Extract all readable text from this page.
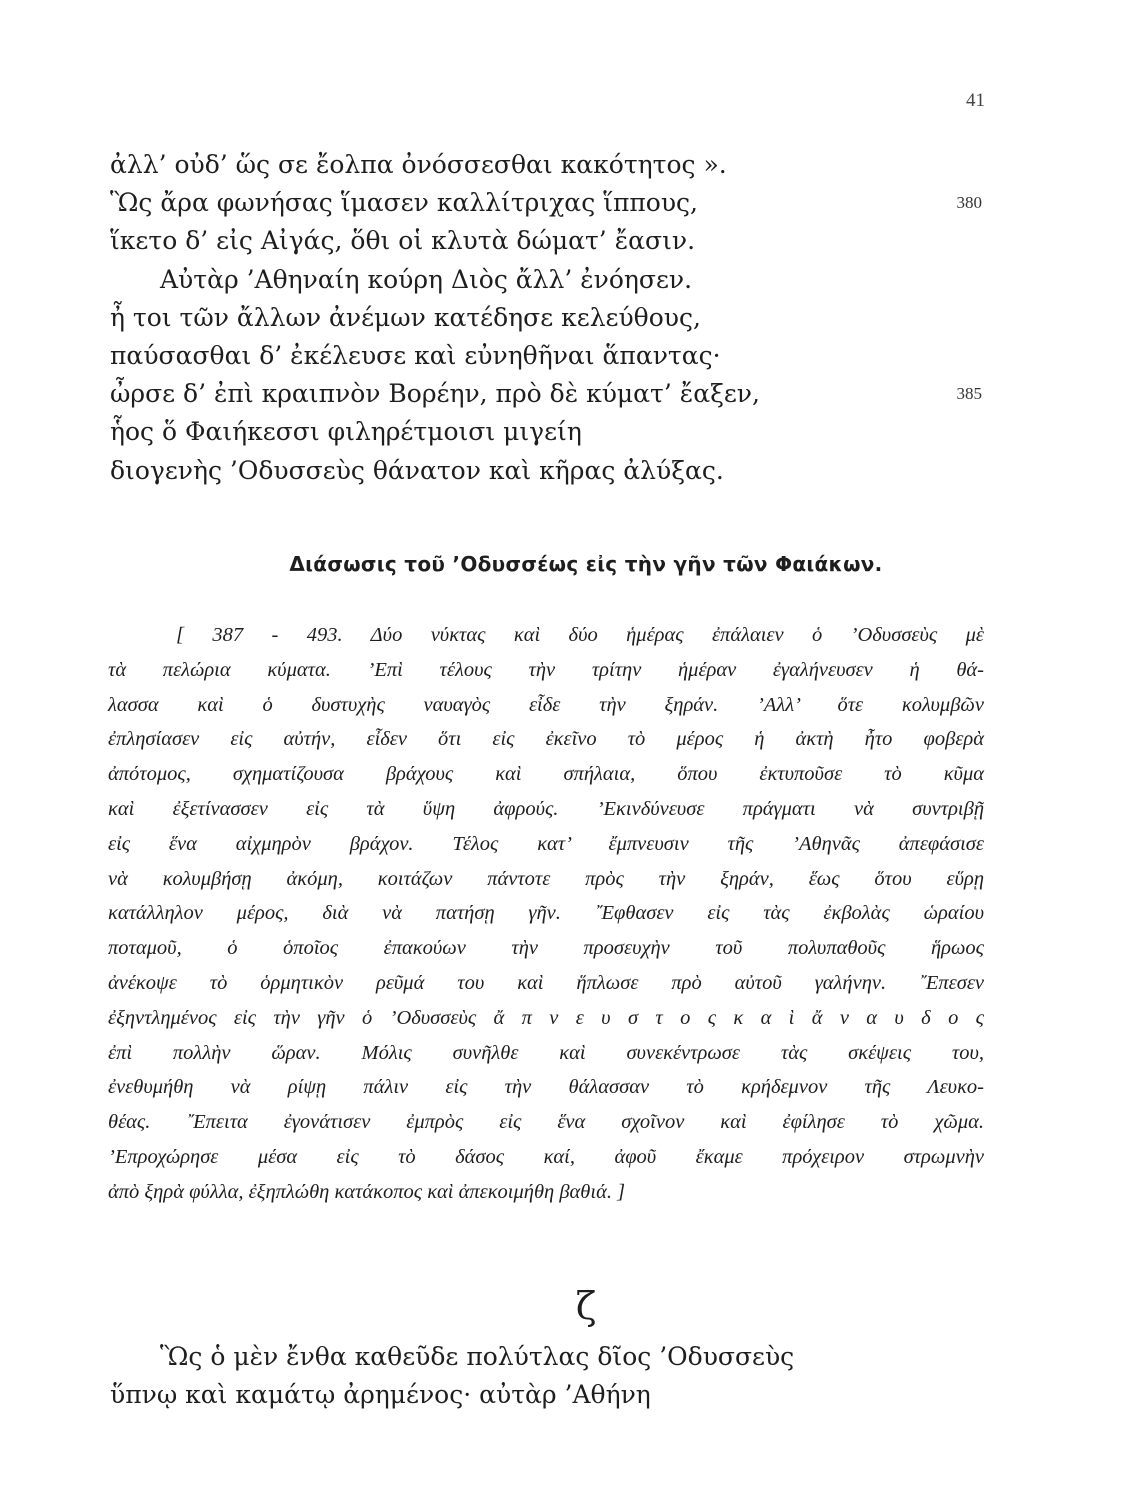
41
ἀλλ’ οὐδ’ ὥς σε ἔολπα ὀνόσσεσθαι κακότητος ».
Ὣς ἄρα φωνήσας ἵμασεν καλλίτριχας ἵππους,	380
ἵκετο δ’ εἰς Αἰγάς, ὅθι οἱ κλυτὰ δώματ’ ἔασιν.
Αὐτὰρ ’Αθηναίη κούρη Διὸς ἄλλ’ ἐνόησεν.
ἦ τοι τῶν ἄλλων ἀνέμων κατέδησε κελεύθους,
παύσασθαι δ’ ἐκέλευσε καὶ εὐνηθῆναι ἅπαντας·
ὦρσε δ’ ἐπὶ κραιπνὸν Βορέην, πρὸ δὲ κύματ’ ἔαξεν,	385
ἧος ὅ Φαιήκεσσι φιληρέτμοισι μιγείη
διογενὴς ’Οδυσσεὺς θάνατον καὶ κῆρας ἀλύξας.
Διάσωσις τοῦ ’Οδυσσέως εἰς τὴν γῆν τῶν Φαιάκων.
[ 387 - 493. Δύο νύκτας καὶ δύο ἡμέρας ἐπάλαιεν ὁ ’Οδυσσεὺς μὲ
τὰ πελώρια κύματα. ’Επὶ τέλους τὴν τρίτην ἡμέραν ἐγαλήνευσεν ἡ θά-
λασσα καὶ ὁ δυστυχὴς ναυαγὸς εἶδε τὴν ξηράν. ’Αλλ’ ὅτε κολυμβῶν
ἐπλησίασεν εἰς αὐτήν, εἶδεν ὅτι εἰς ἐκεῖνο τὸ μέρος ἡ ἀκτὴ ἦτο φοβερὰ
ἀπότομος, σχηματίζουσα βράχους καὶ σπήλαια, ὅπου ἐκτυποῦσε τὸ κῦμα
καὶ ἐξετίνασσεν εἰς τὰ ὕψη ἀφρούς. ’Εκινδύνευσε πράγματι νὰ συντριβῇ
εἰς ἕνα αἰχμηρὸν βράχον. Τέλος κατ’ ἔμπνευσιν τῆς ’Αθηνᾶς ἀπεφάσισε
νὰ κολυμβήσῃ ἀκόμη, κοιτάζων πάντοτε πρὸς τὴν ξηράν, ἕως ὅτου εὕρῃ
κατάλληλον μέρος, διὰ νὰ πατήσῃ γῆν. ῎Εφθασεν εἰς τὰς ἐκβολὰς ὡραίου
ποταμοῦ, ὁ ὁποῖος ἐπακούων τὴν προσευχὴν τοῦ πολυπαθοῦς ἥρωος
ἀνέκοψε τὸ ὁρμητικὸν ρεῦμά του καὶ ἥπλωσε πρὸ αὐτοῦ γαλήνην. ῎Επεσεν
ἐξηντλημένος εἰς τὴν γῆν ὁ ’Οδυσσεὺς ἄ π ν ε υ σ τ ο ς κ α ὶ ἄ ν α υ δ ο ς
ἐπὶ πολλὴν ὥραν. Μόλις συνῆλθε καὶ συνεκέντρωσε τὰς σκέψεις του,
ἐνεθυμήθη νὰ ρίψῃ πάλιν εἰς τὴν θάλασσαν τὸ κρήδεμνον τῆς Λευκο-
θέας. ῎Επειτα ἐγονάτισεν ἐμπρὸς εἰς ἕνα σχοῖνον καὶ ἐφίλησε τὸ χῶμα.
’Επροχώρησε μέσα εἰς τὸ δάσος καί, ἀφοῦ ἔκαμε πρόχειρον στρωμνὴν
ἀπὸ ξηρὰ φύλλα, ἐξηπλώθη κατάκοπος καὶ ἀπεκοιμήθη βαθιά. ]
ζ
Ὣς ὁ μὲν ἔνθα καθεῦδε πολύτλας δῖος ’Οδυσσεὺς
ὕπνῳ καὶ καμάτῳ ἀρημένος· αὐτὰρ ’Αθήνη
